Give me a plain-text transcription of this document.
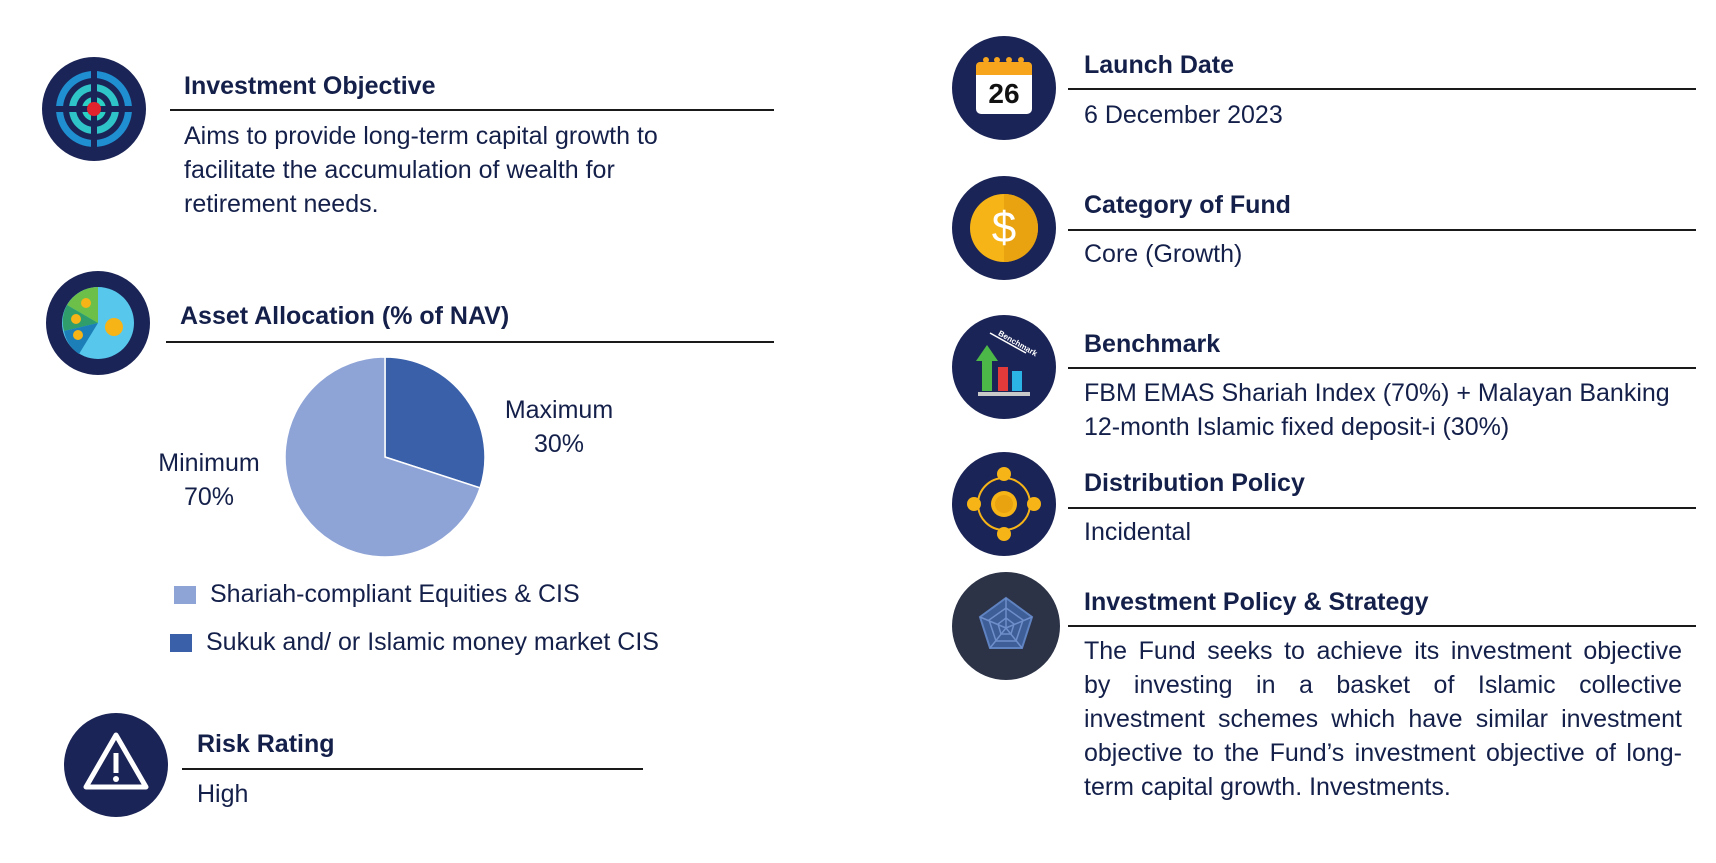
Investment Objective
Aims to provide long-term capital growth to facilitate the accumulation of wealth for retirement needs.
Asset Allocation (% of NAV)
Maximum
30%
Minimum
70%
Shariah-compliant Equities & CIS
Sukuk and/ or Islamic money market CIS
Risk Rating
High
26
Launch Date
6 December 2023
$	Category of Fund
Core (Growth)
Benchmark Benchmark
FBM EMAS Shariah Index (70%) + Malayan Banking 12-month Islamic fixed deposit-i (30%)
Distribution Policy
Incidental
Investment Policy & Strategy
The Fund seeks to achieve its investment objective by investing in a basket of Islamic collective investment schemes which have similar investment objective to the Fund’s investment objective of long-term capital growth. Investments.
